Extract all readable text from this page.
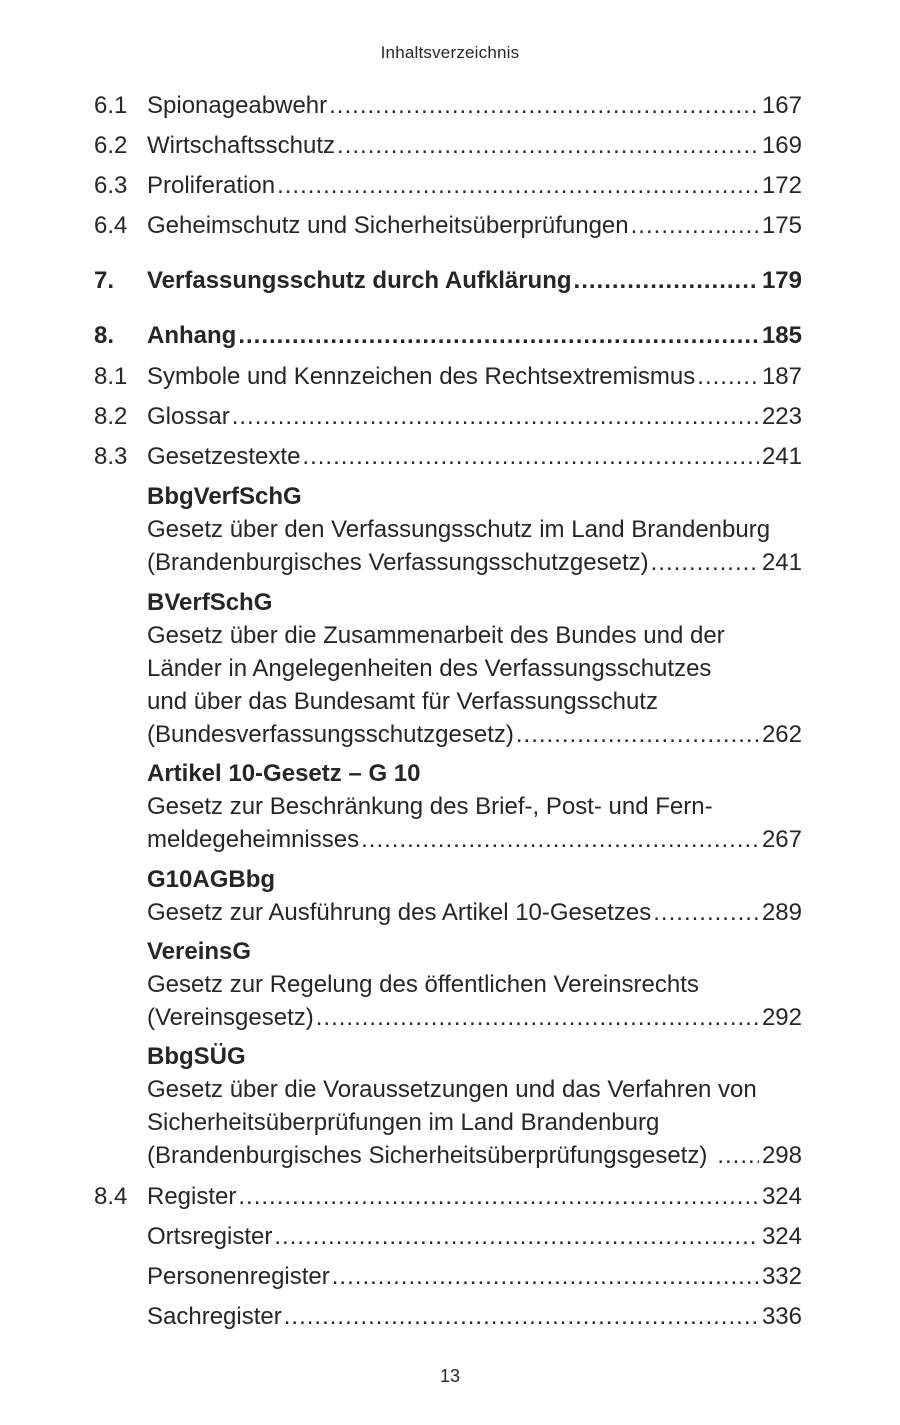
Inhaltsverzeichnis
6.1 Spionageabwehr .....	167
6.2 Wirtschaftsschutz .....	169
6.3 Proliferation .....	172
6.4 Geheimschutz und Sicherheitsüberprüfungen .....	175
7.	Verfassungsschutz durch Aufklärung .....	179
8.	Anhang .....	185
8.1 Symbole und Kennzeichen des Rechtsextremismus .....	187
8.2 Glossar .....	223
8.3 Gesetzestexte .....	241
BbgVerfSchG
Gesetz über den Verfassungsschutz im Land Brandenburg
(Brandenburgisches Verfassungsschutzgesetz) .....	241
BVerfSchG
Gesetz über die Zusammenarbeit des Bundes und der
Länder in Angelegenheiten des Verfassungsschutzes
und über das Bundesamt für Verfassungsschutz
(Bundesverfassungsschutzgesetz) .....	262
Artikel 10-Gesetz – G 10
Gesetz zur Beschränkung des Brief-, Post- und Fern-
meldegeheimnisses .....	267
G10AGBbg
Gesetz zur Ausführung des Artikel 10-Gesetzes .....	289
VereinsG
Gesetz zur Regelung des öffentlichen Vereinsrechts
(Vereinsgesetz) .....	292
BbgSÜG
Gesetz über die Voraussetzungen und das Verfahren von
Sicherheitsüberprüfungen im Land Brandenburg
(Brandenburgisches Sicherheitsüberprüfungsgesetz) ..... 298
8.4 Register .....	324
Ortsregister .....	324
Personenregister .....	332
Sachregister .....	336
13
